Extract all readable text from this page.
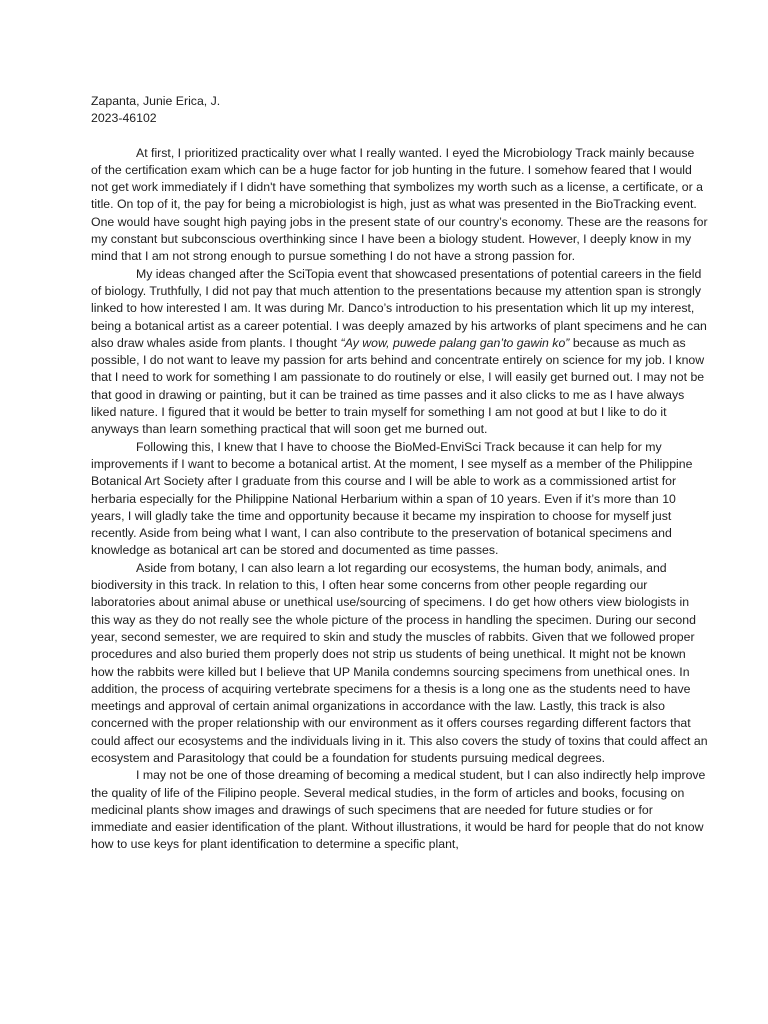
Zapanta, Junie Erica, J.

2023-46102

At first, I prioritized practicality over what I really wanted. I eyed the Microbiology Track mainly because of the certification exam which can be a huge factor for job hunting in the future. I somehow feared that I would not get work immediately if I didn't have something that symbolizes my worth such as a license, a certificate, or a title. On top of it, the pay for being a microbiologist is high, just as what was presented in the BioTracking event. One would have sought high paying jobs in the present state of our country’s economy. These are the reasons for my constant but subconscious overthinking since I have been a biology student. However, I deeply know in my mind that I am not strong enough to pursue something I do not have a strong passion for.

My ideas changed after the SciTopia event that showcased presentations of potential careers in the field of biology. Truthfully, I did not pay that much attention to the presentations because my attention span is strongly linked to how interested I am. It was during Mr. Danco’s introduction to his presentation which lit up my interest, being a botanical artist as a career potential. I was deeply amazed by his artworks of plant specimens and he can also draw whales aside from plants. I thought “Ay wow, puwede palang gan’to gawin ko” because as much as possible, I do not want to leave my passion for arts behind and concentrate entirely on science for my job. I know that I need to work for something I am passionate to do routinely or else, I will easily get burned out. I may not be that good in drawing or painting, but it can be trained as time passes and it also clicks to me as I have always liked nature. I figured that it would be better to train myself for something I am not good at but I like to do it anyways than learn something practical that will soon get me burned out.

Following this, I knew that I have to choose the BioMed-EnviSci Track because it can help for my improvements if I want to become a botanical artist. At the moment, I see myself as a member of the Philippine Botanical Art Society after I graduate from this course and I will be able to work as a commissioned artist for herbaria especially for the Philippine National Herbarium within a span of 10 years. Even if it’s more than 10 years, I will gladly take the time and opportunity because it became my inspiration to choose for myself just recently. Aside from being what I want, I can also contribute to the preservation of botanical specimens and knowledge as botanical art can be stored and documented as time passes.

Aside from botany, I can also learn a lot regarding our ecosystems, the human body, animals, and biodiversity in this track. In relation to this, I often hear some concerns from other people regarding our laboratories about animal abuse or unethical use/sourcing of specimens. I do get how others view biologists in this way as they do not really see the whole picture of the process in handling the specimen. During our second year, second semester, we are required to skin and study the muscles of rabbits. Given that we followed proper procedures and also buried them properly does not strip us students of being unethical. It might not be known how the rabbits were killed but I believe that UP Manila condemns sourcing specimens from unethical ones. In addition, the process of acquiring vertebrate specimens for a thesis is a long one as the students need to have meetings and approval of certain animal organizations in accordance with the law. Lastly, this track is also concerned with the proper relationship with our environment as it offers courses regarding different factors that could affect our ecosystems and the individuals living in it. This also covers the study of toxins that could affect an ecosystem and Parasitology that could be a foundation for students pursuing medical degrees.

I may not be one of those dreaming of becoming a medical student, but I can also indirectly help improve the quality of life of the Filipino people. Several medical studies, in the form of articles and books, focusing on medicinal plants show images and drawings of such specimens that are needed for future studies or for immediate and easier identification of the plant. Without illustrations, it would be hard for people that do not know how to use keys for plant identification to determine a specific plant,
